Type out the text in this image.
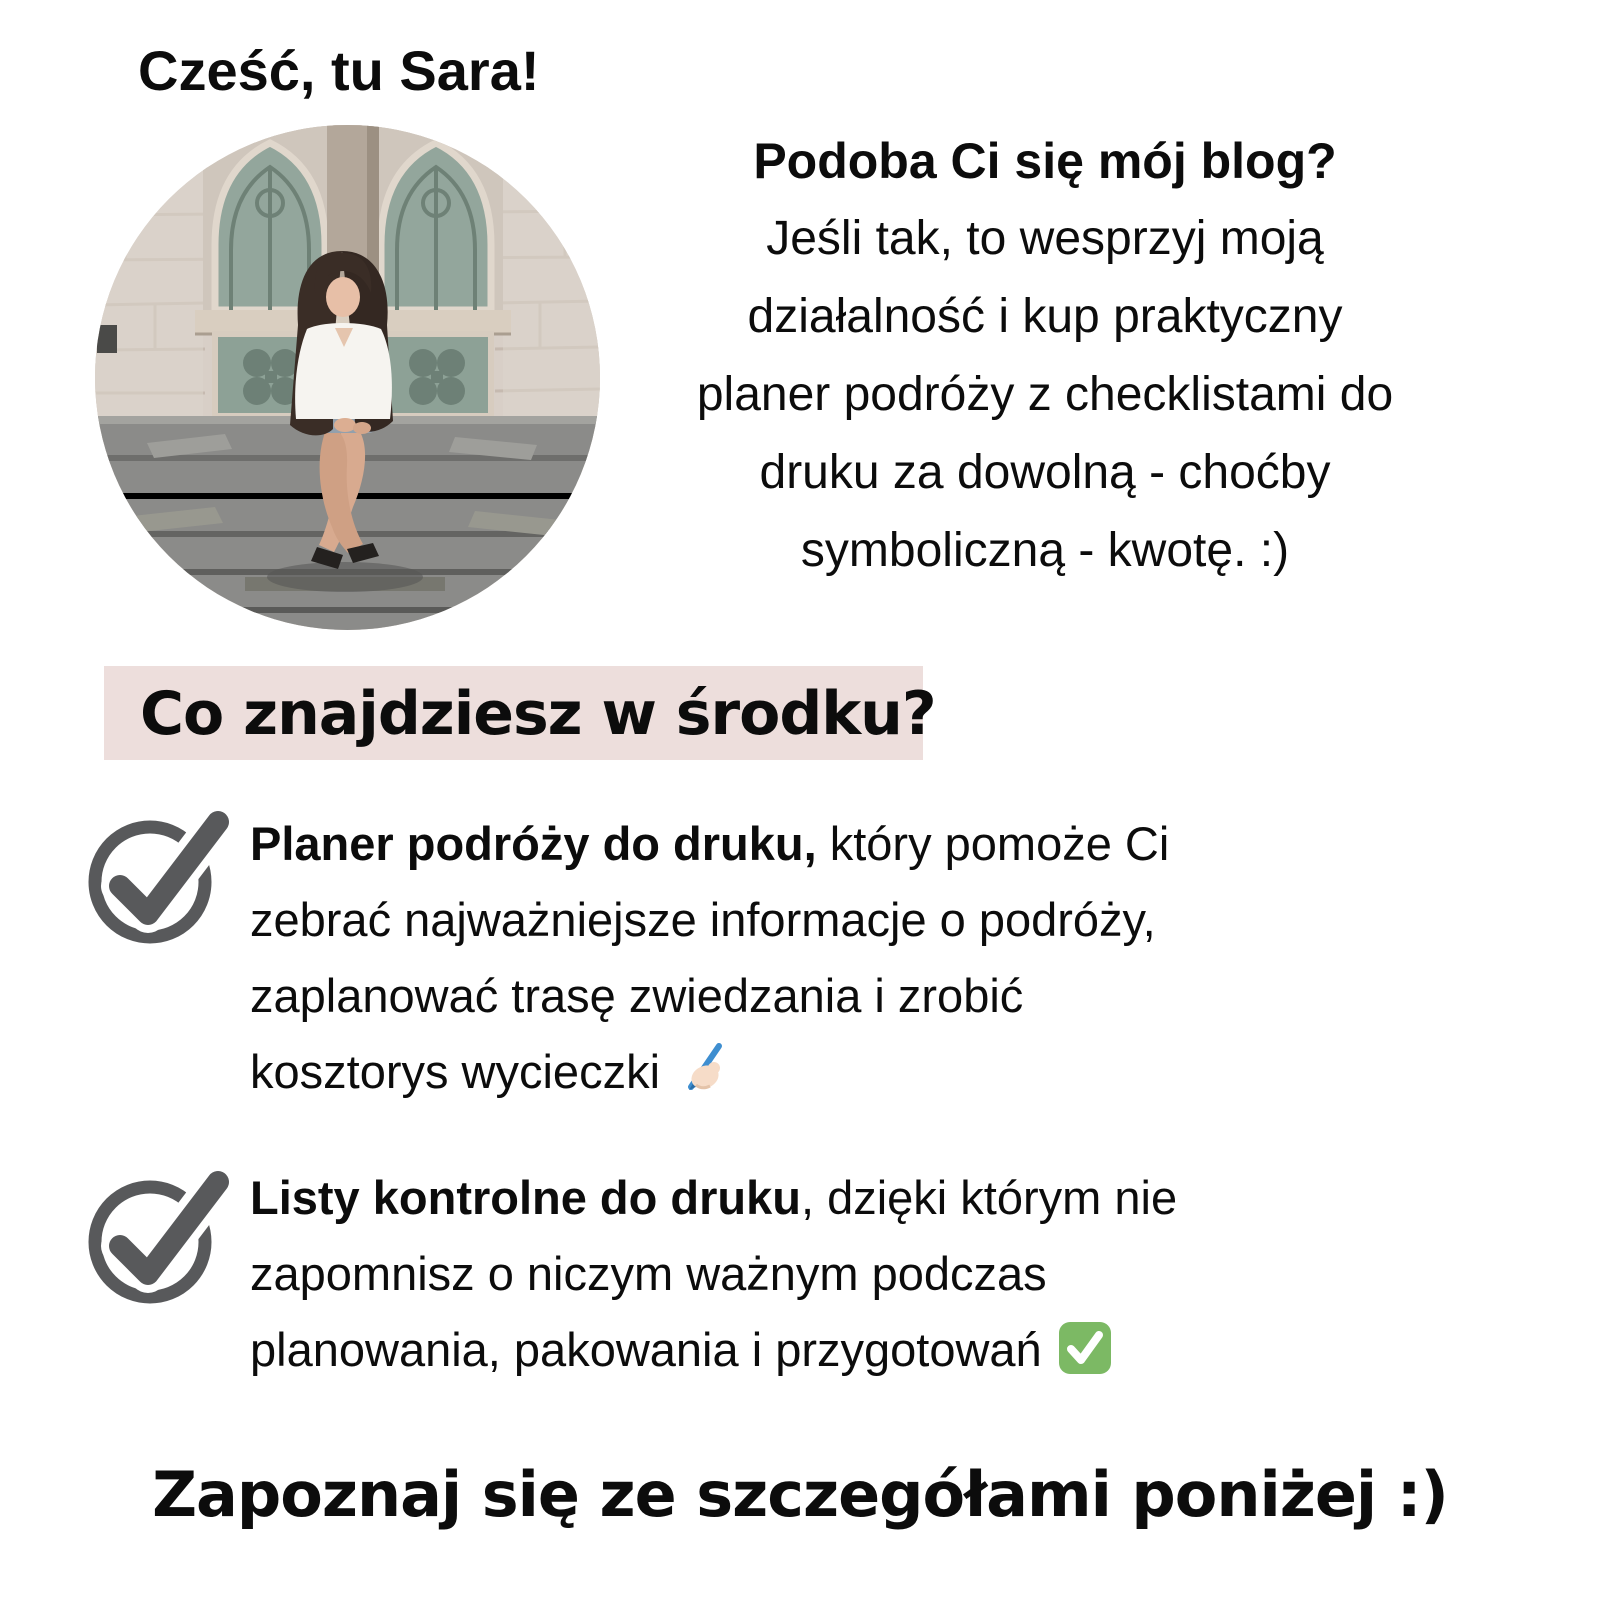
Cześć, tu Sara!
Podoba Ci się mój blog?
Jeśli tak, to wesprzyj moją
działalność i kup praktyczny
planer podróży z checklistami do
druku za dowolną - choćby
symboliczną - kwotę. :)
Co znajdziesz w środku?
Planer podróży do druku, który pomoże Ci
zebrać najważniejsze informacje o podróży,
zaplanować trasę zwiedzania i zrobić
kosztorys wycieczki
Listy kontrolne do druku, dzięki którym nie
zapomnisz o niczym ważnym podczas
planowania, pakowania i przygotowań
Zapoznaj się ze szczegółami poniżej :)
